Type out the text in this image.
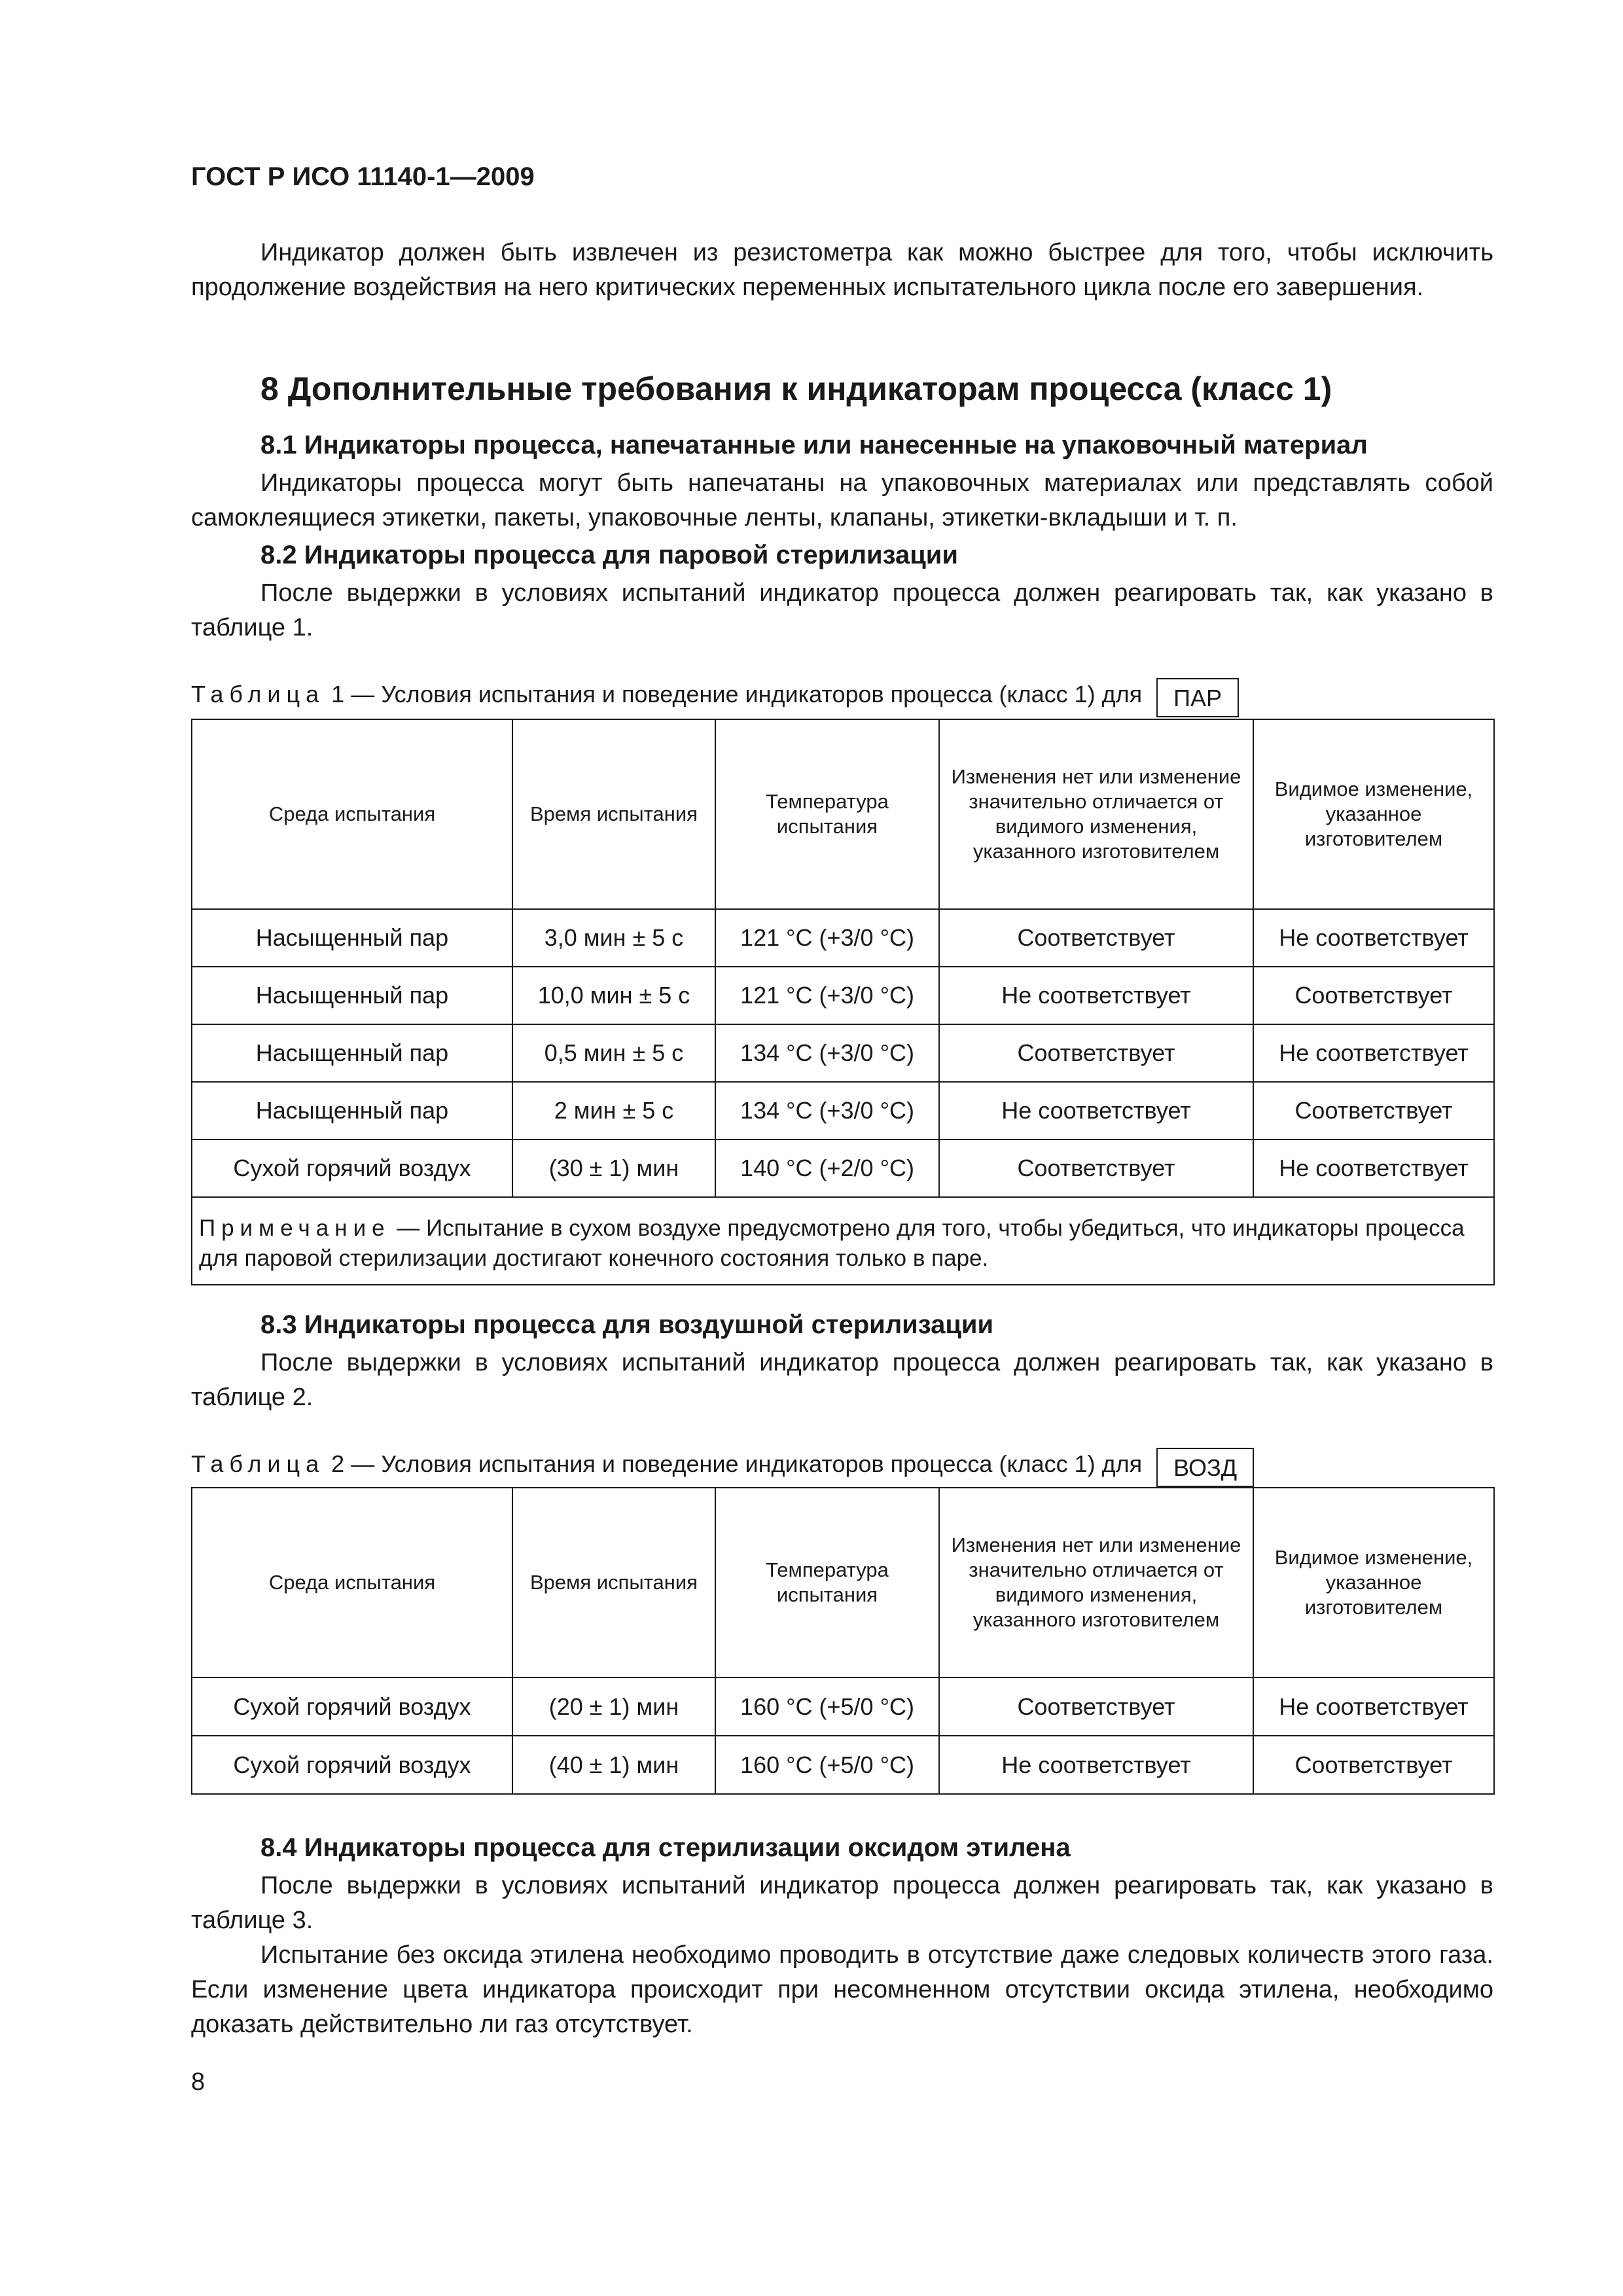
ГОСТ Р ИСО 11140-1—2009

Индикатор должен быть извлечен из резистометра как можно быстрее для того, чтобы исключить продолжение воздействия на него критических переменных испытательного цикла после его завершения.

8 Дополнительные требования к индикаторам процесса (класс 1)
8.1 Индикаторы процесса, напечатанные или нанесенные на упаковочный материал

Индикаторы процесса могут быть напечатаны на упаковочных материалах или представлять собой самоклеящиеся этикетки, пакеты, упаковочные ленты, клапаны, этикетки-вкладыши и т. п.

8.2 Индикаторы процесса для паровой стерилизации

После выдержки в условиях испытаний индикатор процесса должен реагировать так, как указано в таблице 1.

Таблица 1 — Условия испытания и поведение индикаторов процесса (класс 1) для ПАР
Среда испытания	Время испытания	Температура испытания	Изменения нет или изменение значительно отличается от видимого изменения, указанного изготовителем	Видимое изменение, указанное изготовителем
Насыщенный пар	3,0 мин ± 5 с	121 °C (+3/0 °C)	Соответствует	Не соответствует
Насыщенный пар	10,0 мин ± 5 с	121 °C (+3/0 °C)	Не соответствует	Соответствует
Насыщенный пар	0,5 мин ± 5 с	134 °C (+3/0 °C)	Соответствует	Не соответствует
Насыщенный пар	2 мин ± 5 с	134 °C (+3/0 °C)	Не соответствует	Соответствует
Сухой горячий воздух	(30 ± 1) мин	140 °C (+2/0 °C)	Соответствует	Не соответствует
Примечание — Испытание в сухом воздухе предусмотрено для того, чтобы убедиться, что индикаторы процесса для паровой стерилизации достигают конечного состояния только в паре.				
8.3 Индикаторы процесса для воздушной стерилизации

После выдержки в условиях испытаний индикатор процесса должен реагировать так, как указано в таблице 2.

Таблица 2 — Условия испытания и поведение индикаторов процесса (класс 1) для ВОЗД
Среда испытания	Время испытания	Температура испытания	Изменения нет или изменение значительно отличается от видимого изменения, указанного изготовителем	Видимое изменение, указанное изготовителем
Сухой горячий воздух	(20 ± 1) мин	160 °C (+5/0 °C)	Соответствует	Не соответствует
Сухой горячий воздух	(40 ± 1) мин	160 °C (+5/0 °C)	Не соответствует	Соответствует
8.4 Индикаторы процесса для стерилизации оксидом этилена

После выдержки в условиях испытаний индикатор процесса должен реагировать так, как указано в таблице 3.

Испытание без оксида этилена необходимо проводить в отсутствие даже следовых количеств этого газа. Если изменение цвета индикатора происходит при несомненном отсутствии оксида этилена, необходимо доказать действительно ли газ отсутствует.

8
